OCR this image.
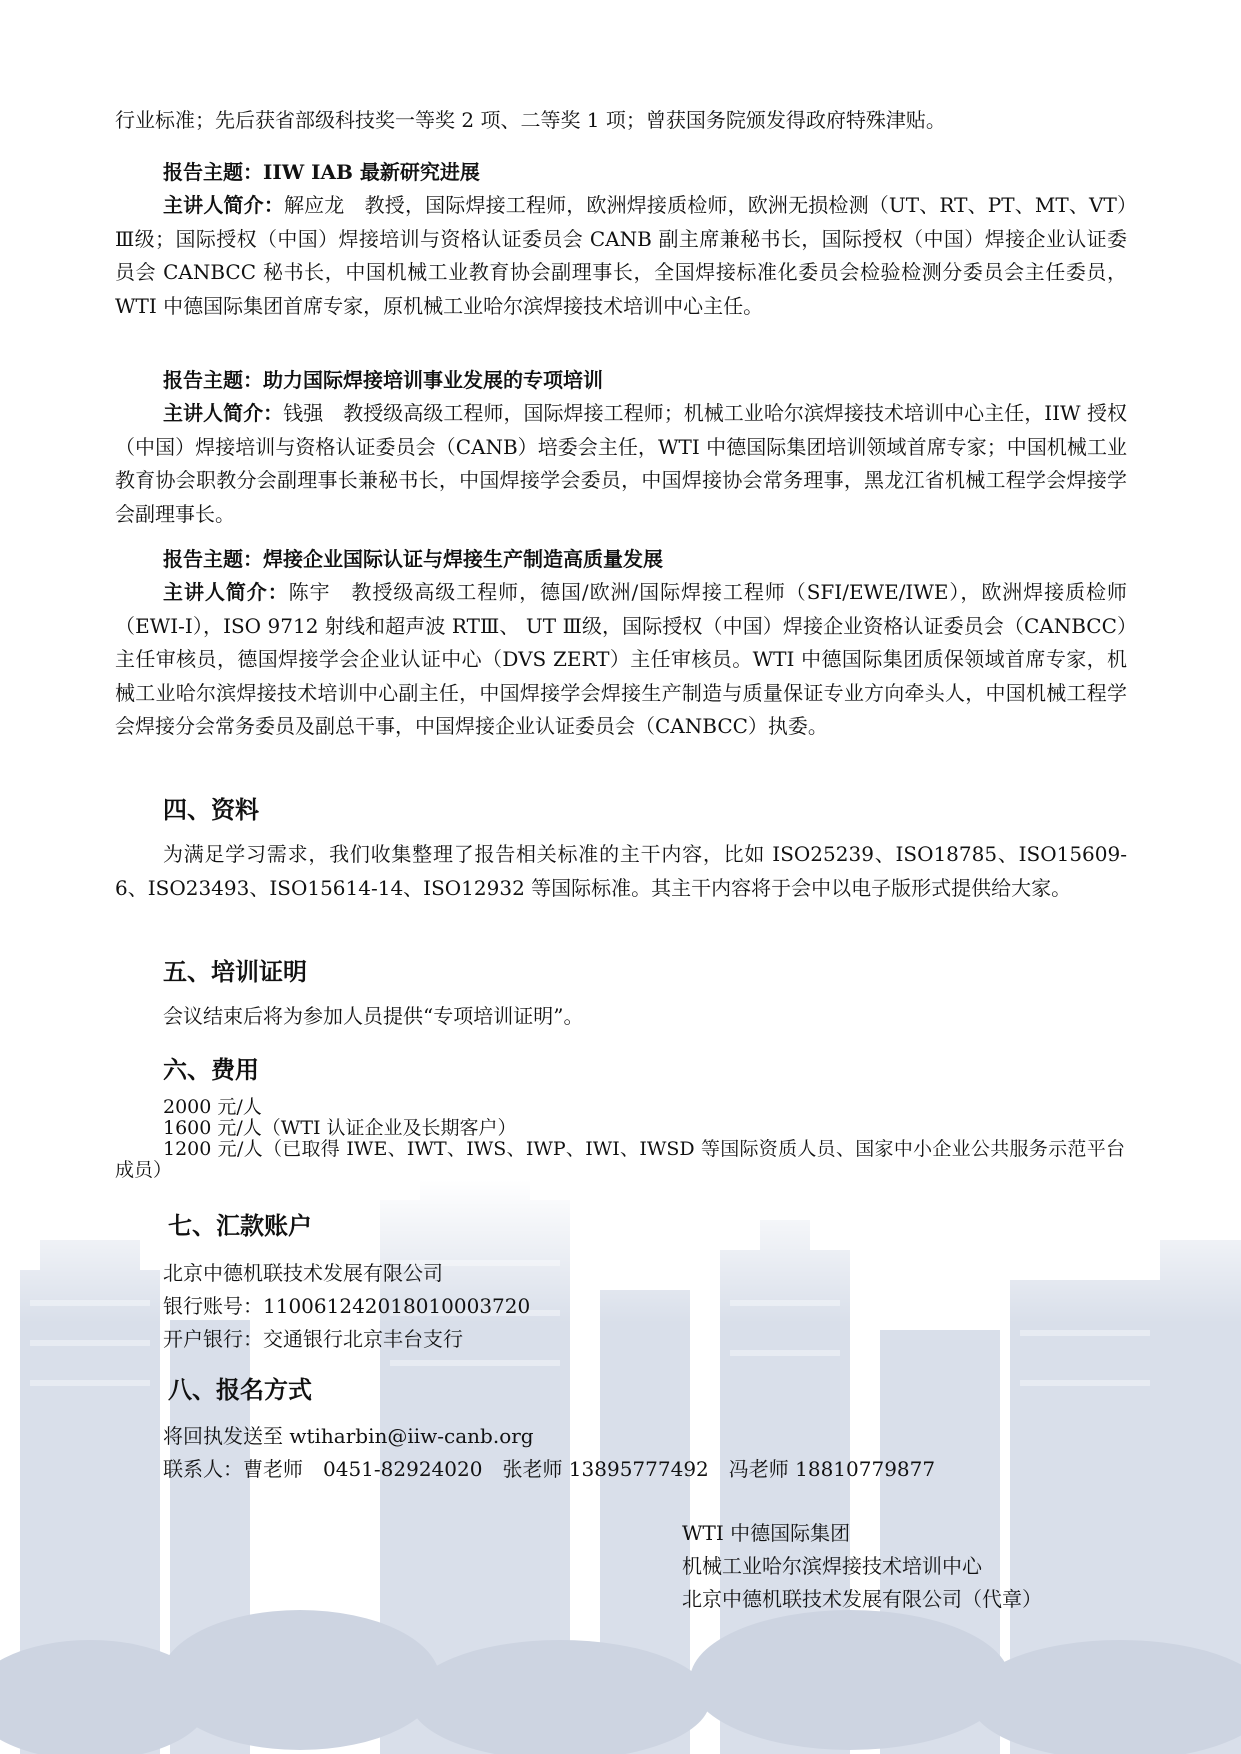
行业标准；先后获省部级科技奖一等奖 2 项、二等奖 1 项；曾获国务院颁发得政府特殊津贴。
报告主题：IIW IAB 最新研究进展
主讲人简介：解应龙　教授，国际焊接工程师，欧洲焊接质检师，欧洲无损检测（UT、RT、PT、MT、VT）Ⅲ级；国际授权（中国）焊接培训与资格认证委员会 CANB 副主席兼秘书长，国际授权（中国）焊接企业认证委员会 CANBCC 秘书长，中国机械工业教育协会副理事长，全国焊接标准化委员会检验检测分委员会主任委员，WTI 中德国际集团首席专家，原机械工业哈尔滨焊接技术培训中心主任。
报告主题：助力国际焊接培训事业发展的专项培训
主讲人简介：钱强　教授级高级工程师，国际焊接工程师；机械工业哈尔滨焊接技术培训中心主任，IIW 授权（中国）焊接培训与资格认证委员会（CANB）培委会主任，WTI 中德国际集团培训领域首席专家；中国机械工业教育协会职教分会副理事长兼秘书长，中国焊接学会委员，中国焊接协会常务理事，黑龙江省机械工程学会焊接学会副理事长。
报告主题：焊接企业国际认证与焊接生产制造高质量发展
主讲人简介：陈宇　教授级高级工程师，德国/欧洲/国际焊接工程师（SFI/EWE/IWE），欧洲焊接质检师（EWI-I），ISO 9712 射线和超声波 RTⅢ、 UT Ⅲ级，国际授权（中国）焊接企业资格认证委员会（CANBCC）主任审核员，德国焊接学会企业认证中心（DVS ZERT）主任审核员。WTI 中德国际集团质保领域首席专家，机械工业哈尔滨焊接技术培训中心副主任，中国焊接学会焊接生产制造与质量保证专业方向牵头人，中国机械工程学会焊接分会常务委员及副总干事，中国焊接企业认证委员会（CANBCC）执委。
四、资料
为满足学习需求，我们收集整理了报告相关标准的主干内容，比如 ISO25239、ISO18785、ISO15609-6、ISO23493、ISO15614-14、ISO12932 等国际标准。其主干内容将于会中以电子版形式提供给大家。
五、培训证明
会议结束后将为参加人员提供“专项培训证明”。
六、费用
2000 元/人
1600 元/人（WTI 认证企业及长期客户）
1200 元/人（已取得 IWE、IWT、IWS、IWP、IWI、IWSD 等国际资质人员、国家中小企业公共服务示范平台成员）
七、汇款账户
北京中德机联技术发展有限公司
银行账号：110061242018010003720
开户银行：交通银行北京丰台支行
八、报名方式
将回执发送至 wtiharbin@iiw-canb.org
联系人：曹老师　0451-82924020　张老师 13895777492　冯老师 18810779877
WTI 中德国际集团
机械工业哈尔滨焊接技术培训中心
北京中德机联技术发展有限公司（代章）
